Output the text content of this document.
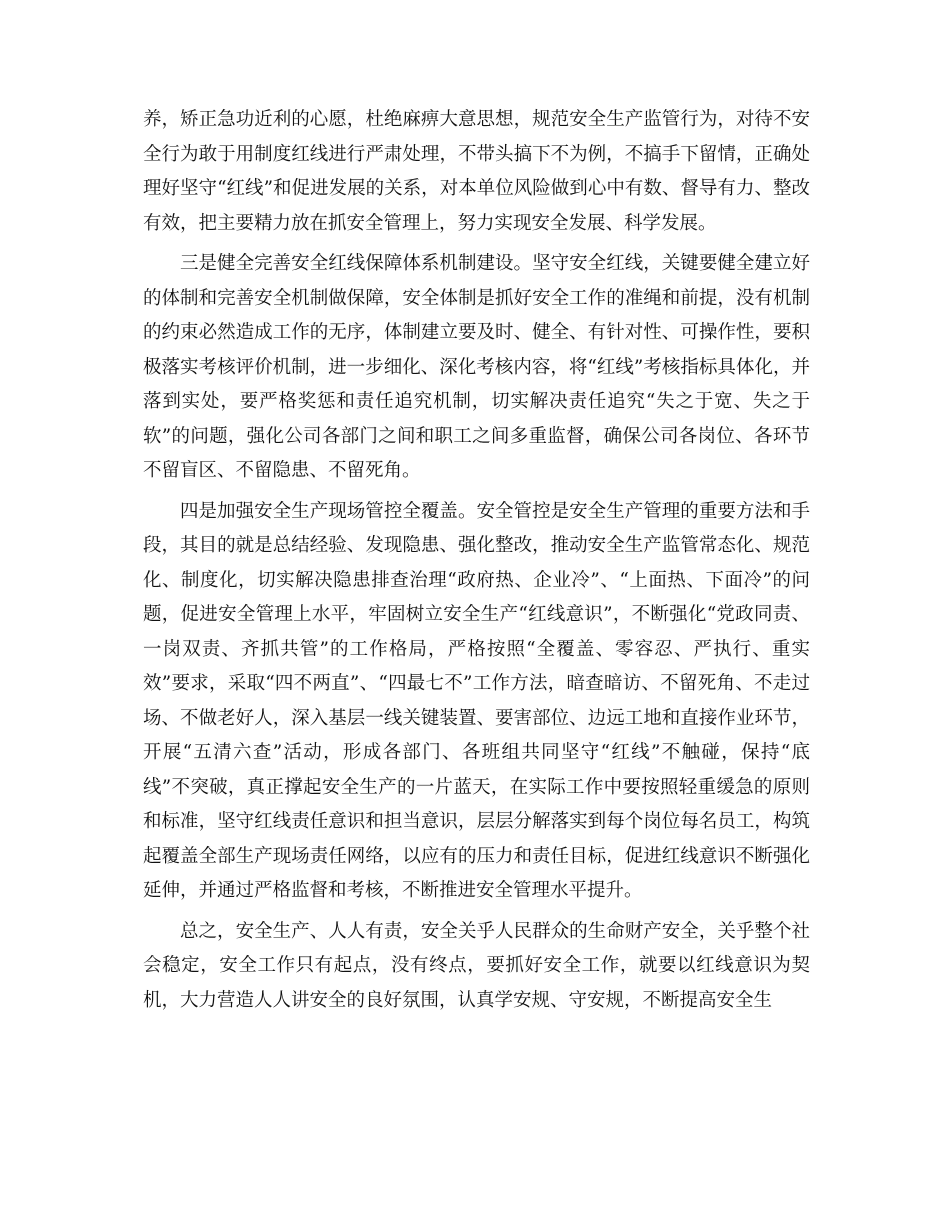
养，矫正急功近利的心愿，杜绝麻痹大意思想，规范安全生产监管行为，对待不安全行为敢于用制度红线进行严肃处理，不带头搞下不为例，不搞手下留情，正确处理好坚守“红线”和促进发展的关系，对本单位风险做到心中有数、督导有力、整改有效，把主要精力放在抓安全管理上，努力实现安全发展、科学发展。

三是健全完善安全红线保障体系机制建设。坚守安全红线，关键要健全建立好的体制和完善安全机制做保障，安全体制是抓好安全工作的准绳和前提，没有机制的约束必然造成工作的无序，体制建立要及时、健全、有针对性、可操作性，要积极落实考核评价机制，进一步细化、深化考核内容，将“红线”考核指标具体化，并落到实处，要严格奖惩和责任追究机制，切实解决责任追究“失之于宽、失之于软”的问题，强化公司各部门之间和职工之间多重监督，确保公司各岗位、各环节不留盲区、不留隐患、不留死角。

四是加强安全生产现场管控全覆盖。安全管控是安全生产管理的重要方法和手段，其目的就是总结经验、发现隐患、强化整改，推动安全生产监管常态化、规范化、制度化，切实解决隐患排查治理“政府热、企业冷”、“上面热、下面冷”的问题，促进安全管理上水平，牢固树立安全生产“红线意识”，不断强化“党政同责、一岗双责、齐抓共管”的工作格局，严格按照“全覆盖、零容忍、严执行、重实效”要求，采取“四不两直”、“四最七不”工作方法，暗查暗访、不留死角、不走过场、不做老好人，深入基层一线关键装置、要害部位、边远工地和直接作业环节，开展“五清六查”活动，形成各部门、各班组共同坚守“红线”不触碰，保持“底线”不突破，真正撑起安全生产的一片蓝天，在实际工作中要按照轻重缓急的原则和标准，坚守红线责任意识和担当意识，层层分解落实到每个岗位每名员工，构筑起覆盖全部生产现场责任网络，以应有的压力和责任目标，促进红线意识不断强化延伸，并通过严格监督和考核，不断推进安全管理水平提升。

总之，安全生产、人人有责，安全关乎人民群众的生命财产安全，关乎整个社会稳定，安全工作只有起点，没有终点，要抓好安全工作，就要以红线意识为契机，大力营造人人讲安全的良好氛围，认真学安规、守安规，不断提高安全生
